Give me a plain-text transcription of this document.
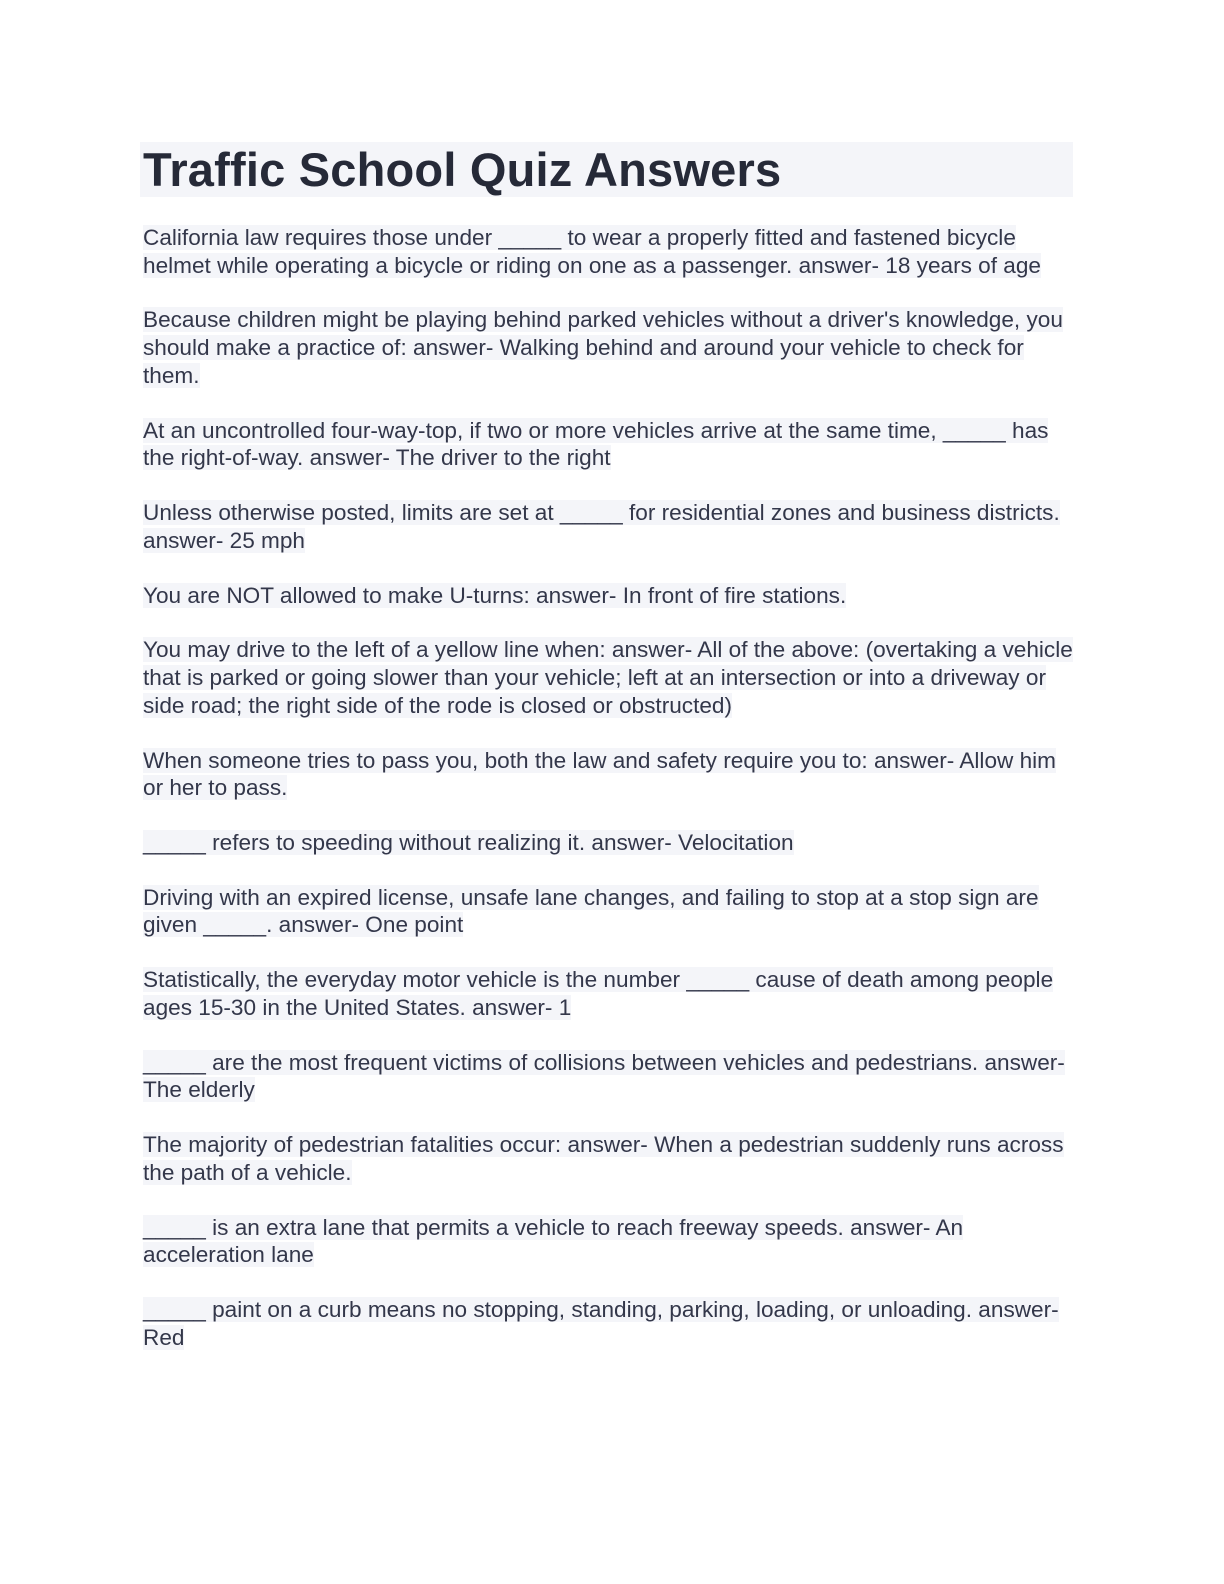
Traffic School Quiz Answers

California law requires those under _____ to wear a properly fitted and fastened bicycle helmet while operating a bicycle or riding on one as a passenger. answer- 18 years of age

Because children might be playing behind parked vehicles without a driver's knowledge, you should make a practice of: answer- Walking behind and around your vehicle to check for them.

At an uncontrolled four-way-top, if two or more vehicles arrive at the same time, _____ has the right-of-way. answer- The driver to the right

Unless otherwise posted, limits are set at _____ for residential zones and business districts. answer- 25 mph

You are NOT allowed to make U-turns: answer- In front of fire stations.

You may drive to the left of a yellow line when: answer- All of the above: (overtaking a vehicle that is parked or going slower than your vehicle; left at an intersection or into a driveway or side road; the right side of the rode is closed or obstructed)

When someone tries to pass you, both the law and safety require you to: answer- Allow him or her to pass.

_____ refers to speeding without realizing it. answer- Velocitation

Driving with an expired license, unsafe lane changes, and failing to stop at a stop sign are given _____. answer- One point

Statistically, the everyday motor vehicle is the number _____ cause of death among people ages 15-30 in the United States. answer- 1

_____ are the most frequent victims of collisions between vehicles and pedestrians. answer- The elderly

The majority of pedestrian fatalities occur: answer- When a pedestrian suddenly runs across the path of a vehicle.

_____ is an extra lane that permits a vehicle to reach freeway speeds. answer- An acceleration lane

_____ paint on a curb means no stopping, standing, parking, loading, or unloading. answer- Red
